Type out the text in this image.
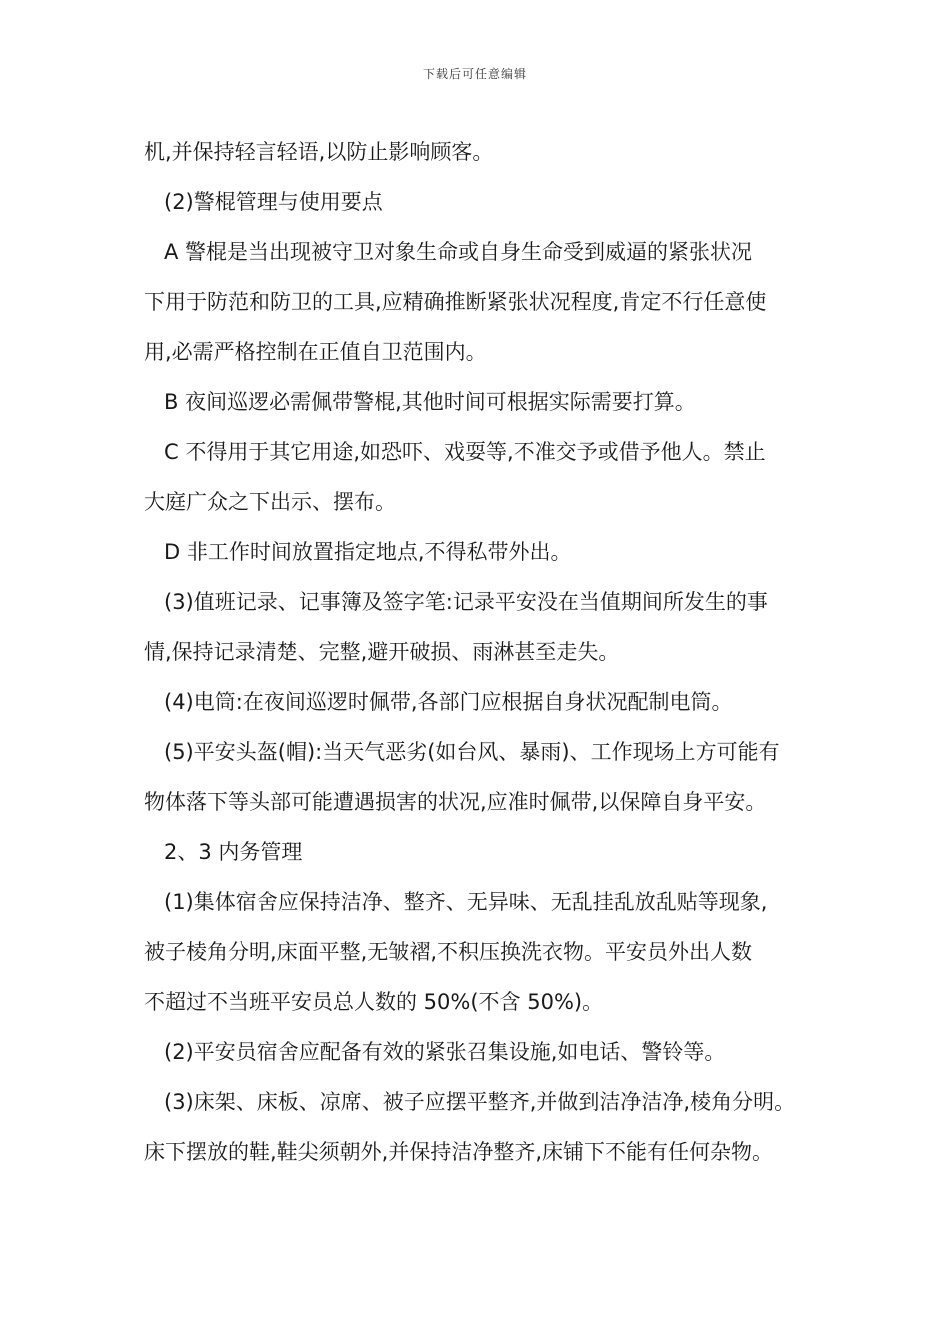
下载后可任意编辑
机,并保持轻言轻语,以防止影响顾客。
(2)警棍管理与使用要点
A 警棍是当出现被守卫对象生命或自身生命受到威逼的紧张状况
下用于防范和防卫的工具,应精确推断紧张状况程度,肯定不行任意使
用,必需严格控制在正值自卫范围内。
B 夜间巡逻必需佩带警棍,其他时间可根据实际需要打算。
C 不得用于其它用途,如恐吓、戏耍等,不准交予或借予他人。禁止
大庭广众之下出示、摆布。
D 非工作时间放置指定地点,不得私带外出。
(3)值班记录、记事簿及签字笔:记录平安没在当值期间所发生的事
情,保持记录清楚、完整,避开破损、雨淋甚至走失。
(4)电筒:在夜间巡逻时佩带,各部门应根据自身状况配制电筒。
(5)平安头盔(帽):当天气恶劣(如台风、暴雨)、工作现场上方可能有
物体落下等头部可能遭遇损害的状况,应准时佩带,以保障自身平安。
2、3 内务管理
(1)集体宿舍应保持洁净、整齐、无异味、无乱挂乱放乱贴等现象,
被子棱角分明,床面平整,无皱褶,不积压换洗衣物。平安员外出人数
不超过不当班平安员总人数的 50%(不含 50%)。
(2)平安员宿舍应配备有效的紧张召集设施,如电话、警铃等。
(3)床架、床板、凉席、被子应摆平整齐,并做到洁净洁净,棱角分明。
床下摆放的鞋,鞋尖须朝外,并保持洁净整齐,床铺下不能有任何杂物。
